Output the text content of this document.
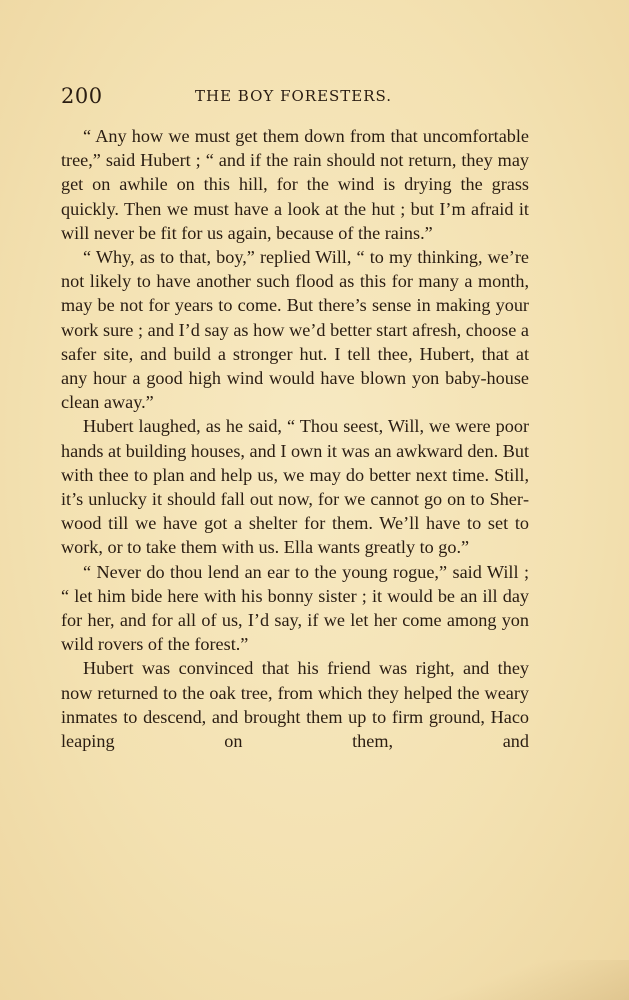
200	THE BOY FORESTERS.

“ Any how we must get them down from that uncomfortable tree,” said Hubert ; “ and if the rain should not return, they may get on awhile on this hill, for the wind is drying the grass quickly. Then we must have a look at the hut ; but I’m afraid it will never be fit for us again, because of the rains.”

“ Why, as to that, boy,” replied Will, “ to my thinking, we’re not likely to have another such flood as this for many a month, may be not for years to come. But there’s sense in making your work sure ; and I’d say as how we’d better start afresh, choose a safer site, and build a stronger hut. I tell thee, Hubert, that at any hour a good high wind would have blown yon baby-house clean away.”

Hubert laughed, as he said, “ Thou seest, Will, we were poor hands at building houses, and I own it was an awkward den. But with thee to plan and help us, we may do better next time. Still, it’s unlucky it should fall out now, for we cannot go on to Sherwood till we have got a shelter for them. We’ll have to set to work, or to take them with us. Ella wants greatly to go.”

“ Never do thou lend an ear to the young rogue,” said Will ; “ let him bide here with his bonny sister ; it would be an ill day for her, and for all of us, I’d say, if we let her come among yon wild rovers of the forest.”

Hubert was convinced that his friend was right, and they now returned to the oak tree, from which they helped the weary inmates to descend, and brought them up to firm ground, Haco leaping on them, and
